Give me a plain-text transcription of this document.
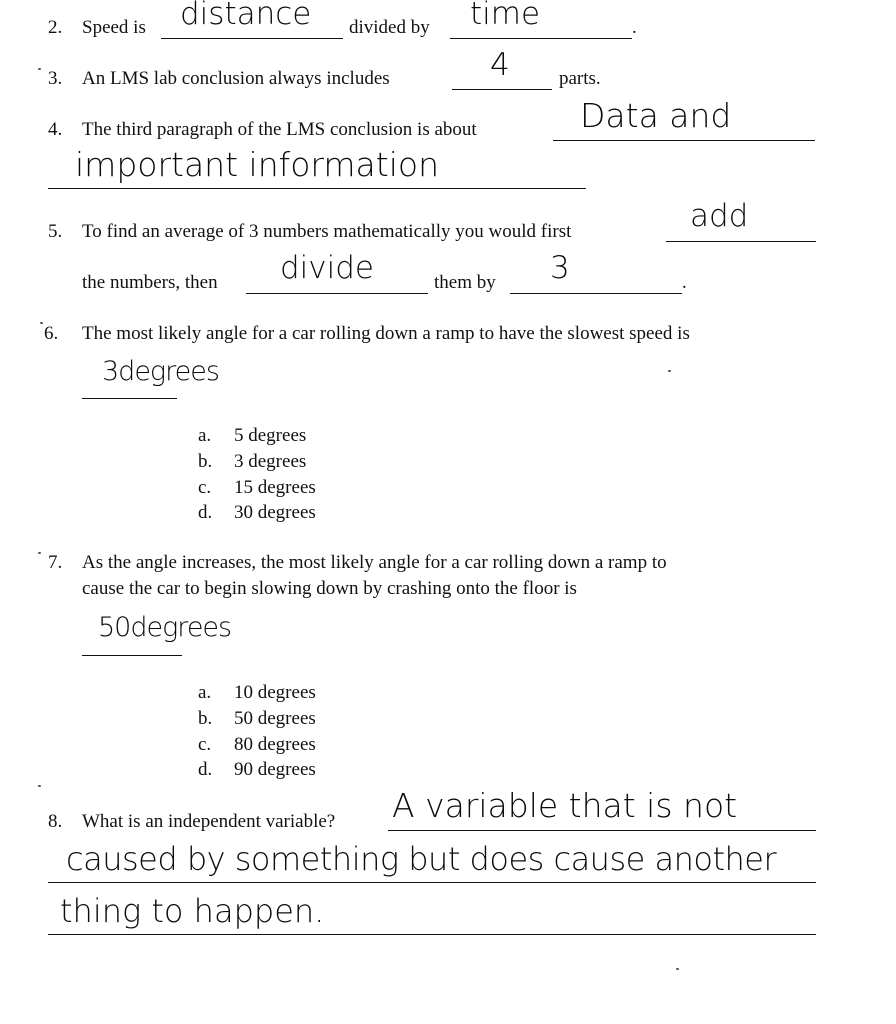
2. Speed is distance divided by time	.
3. An LMS lab conclusion always includes	4	parts.
4. The third paragraph of the LMS conclusion is about	Data and
important information
5. To find an average of 3 numbers mathematically you would first	add
the numbers, then divide	them by 3	.
6. The most likely angle for a car rolling down a ramp to have the slowest speed is
3degrees
a. 5 degrees
b. 3 degrees
c. 15 degrees
d. 30 degrees
7. As the angle increases, the most likely angle for a car rolling down a ramp to
cause the car to begin slowing down by crashing onto the floor is
50degrees
a. 10 degrees
b. 50 degrees
c. 80 degrees
d. 90 degrees
8. What is an independent variable? A variable that is not
caused by something but does cause another
thing to happen.
